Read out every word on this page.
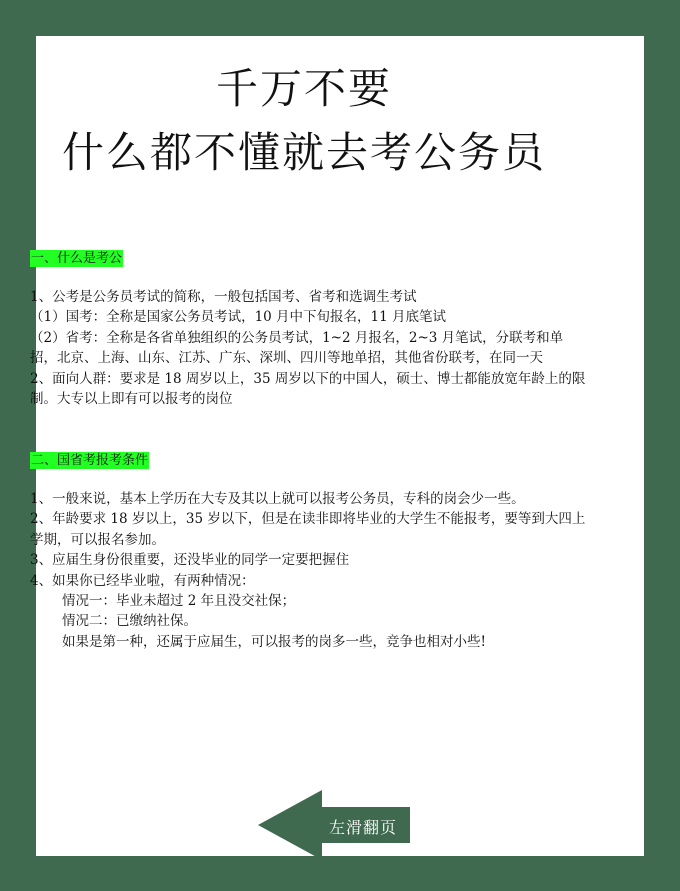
千万不要
什么都不懂就去考公务员
一、什么是考公
1、公考是公务员考试的简称，一般包括国考、省考和选调生考试
（1）国考：全称是国家公务员考试，10 月中下旬报名，11 月底笔试
（2）省考：全称是各省单独组织的公务员考试，1~2 月报名，2~3 月笔试，分联考和单招，北京、上海、山东、江苏、广东、深圳、四川等地单招，其他省份联考，在同一天
2、面向人群：要求是 18 周岁以上，35 周岁以下的中国人，硕士、博士都能放宽年龄上的限制。大专以上即有可以报考的岗位
二、国省考报考条件
1、一般来说，基本上学历在大专及其以上就可以报考公务员，专科的岗会少一些。
2、年龄要求 18 岁以上，35 岁以下，但是在读非即将毕业的大学生不能报考，要等到大四上学期，可以报名参加。
3、应届生身份很重要，还没毕业的同学一定要把握住
4、如果你已经毕业啦，有两种情况：
情况一：毕业未超过 2 年且没交社保；
情况二：已缴纳社保。
如果是第一种，还属于应届生，可以报考的岗多一些，竞争也相对小些!
左滑翻页
